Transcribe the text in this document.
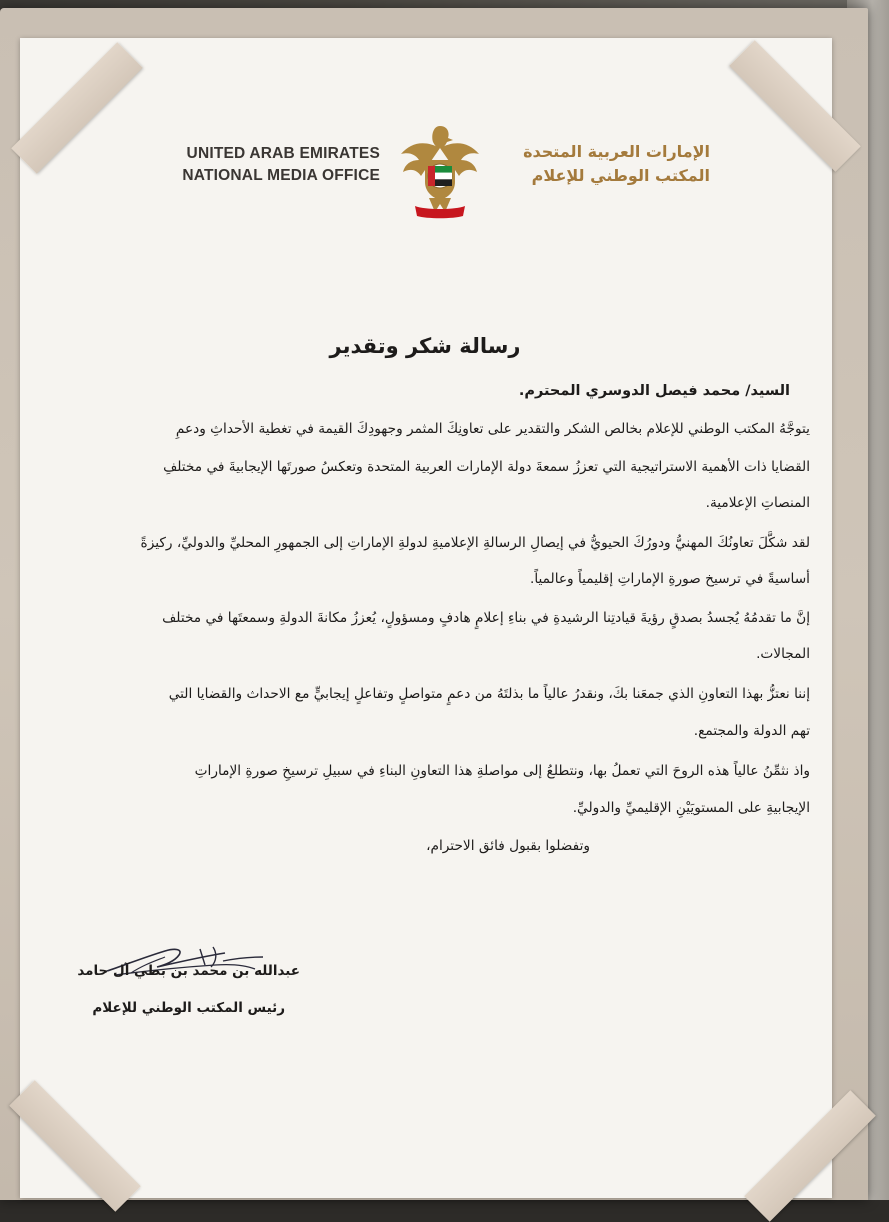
UNITED ARAB EMIRATES
NATIONAL MEDIA OFFICE
الإمارات العربية المتحدة
المكتب الوطني للإعلام
رسالة شكر وتقدير
السيد/ محمد فيصل الدوسري المحترم.
يتوجَّهُ المكتب الوطني للإعلام بخالص الشكر والتقدير على تعاونِكَ المثمر وجهودِكَ القيمة في تغطية الأحداثِ ودعمِ
القضايا ذات الأهمية الاستراتيجية التي تعززُ سمعةَ دولة الإمارات العربية المتحدة وتعكسُ صورتَها الإيجابيةَ في مختلفِ
المنصاتِ الإعلامية.
لقد شكَّلَ تعاونُكَ المهنيُّ ودورُكَ الحيويُّ في إيصالِ الرسالةِ الإعلاميةِ لدولةِ الإماراتِ إلى الجمهورِ المحليِّ والدوليِّ، ركيزةً
أساسيةً في ترسيخ صورةِ الإماراتِ إقليمياً وعالمياً.
إنَّ ما تقدمُهُ يُجسدُ بصدقٍ رؤيةَ قيادتِنا الرشيدةِ في بناءِ إعلامٍ هادفٍ ومسؤولٍ، يُعززُ مكانةَ الدولةِ وسمعتَها في مختلف
المجالات.
إننا نعتزُّ بهذا التعاونِ الذي جمعَنا بكَ، ونقدرُ عالياً ما بذلتَهُ من دعمٍ متواصلٍ وتفاعلٍ إيجابيٍّ مع الاحداث والقضايا التي
تهم الدولة والمجتمع.
واذ نثمِّنُ عالياً هذه الروحَ التي تعملُ بها، ونتطلعُ إلى مواصلةِ هذا التعاونِ البناءِ في سبيلِ ترسيخِ صورةِ الإماراتِ
الإيجابيةِ على المستويَيْنِ الإقليميِّ والدوليِّ.
وتفضلوا بقبول فائق الاحترام،
عبدالله بن محمد بن بطي آل حامد
رئيس المكتب الوطني للإعلام
